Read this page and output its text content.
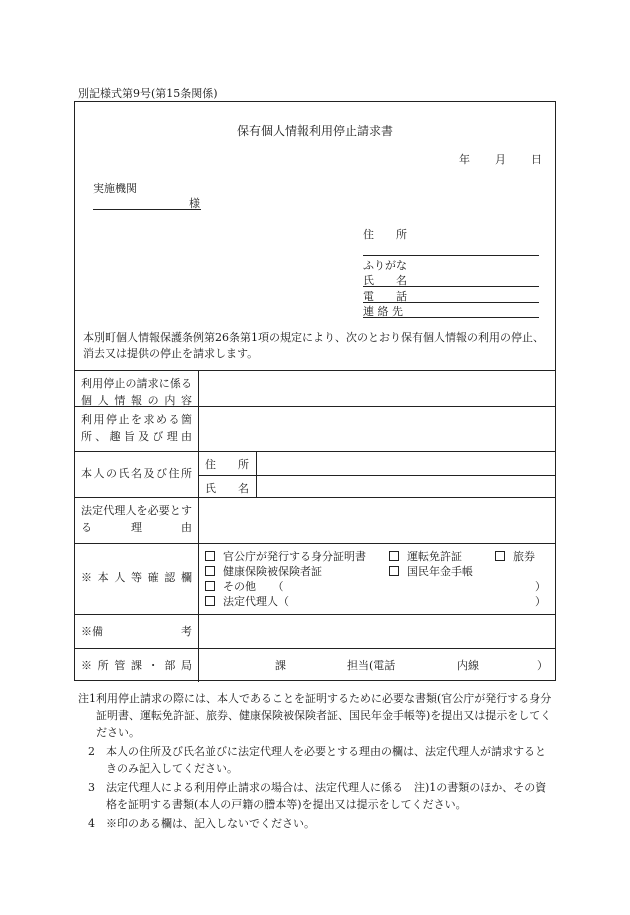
別記様式第9号(第15条関係)
保有個人情報利用停止請求書
年 月 日
実施機関
様
住　　所
ふりがな
氏　　名
電　　話
連 絡 先
本別町個人情報保護条例第26条第1項の規定により、次のとおり保有個人情報の利用の停止、消去又は提供の停止を請求します。
利用停止の請求に係る個人情報の内容
利用停止を求める箇所、趣旨及び理由
本人の氏名及び住所
住　　所
氏　　名
法定代理人を必要とする理由
※本人等確認欄
官公庁が発行する身分証明書	運転免許証	旅券
健康保険被保険者証	国民年金手帳
その他　　（	）
法定代理人（	）
※備	考
※所管課・部局	課	担当(電話	内線	）
注1 利用停止請求の際には、本人であることを証明するために必要な書類(官公庁が発行する身分証明書、運転免許証、旅券、健康保険被保険者証、国民年金手帳等)を提出又は提示をしてください。
2 本人の住所及び氏名並びに法定代理人を必要とする理由の欄は、法定代理人が請求するときのみ記入してください。
3 法定代理人による利用停止請求の場合は、法定代理人に係る　注)1の書類のほか、その資格を証明する書類(本人の戸籍の謄本等)を提出又は提示をしてください。
4 ※印のある欄は、記入しないでください。
